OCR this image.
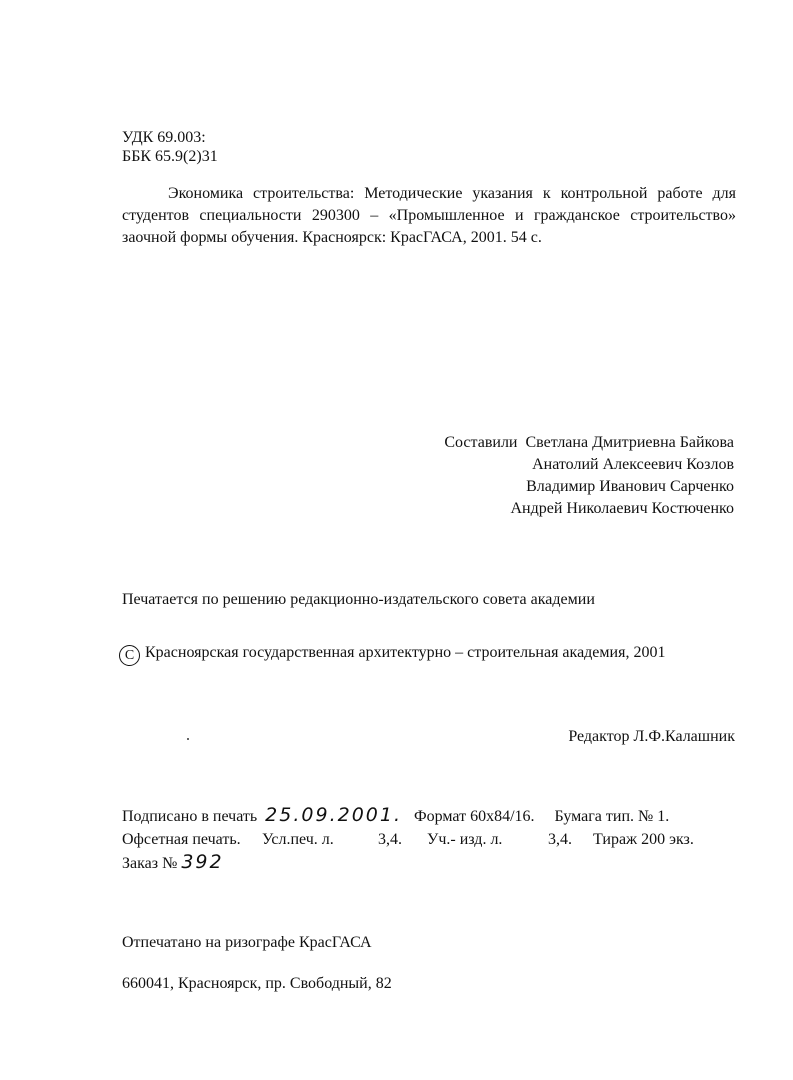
УДК 69.003:
ББК 65.9(2)31

Экономика строительства: Методические указания к контрольной работе для студентов специальности 290300 – «Промышленное и гражданское строительство» заочной формы обучения. Красноярск: КрасГАСА, 2001. 54 с.

Составили Светлана Дмитриевна Байкова
Анатолий Алексеевич Козлов
Владимир Иванович Сарченко
Андрей Николаевич Костюченко
Печатается по решению редакционно-издательского совета академии
С Красноярская государственная архитектурно – строительная академия, 2001
Редактор Л.Ф.Калашник
Подписано в печать 25.09.2001. Формат 60х84/16. Бумага тип. № 1.
Офсетная печать. Усл.печ. л.	3,4. Уч.- изд. л.	3,4. Тираж 200 экз.
Заказ № 392
Отпечатано на ризографе КрасГАСА
660041, Красноярск, пр. Свободный, 82
